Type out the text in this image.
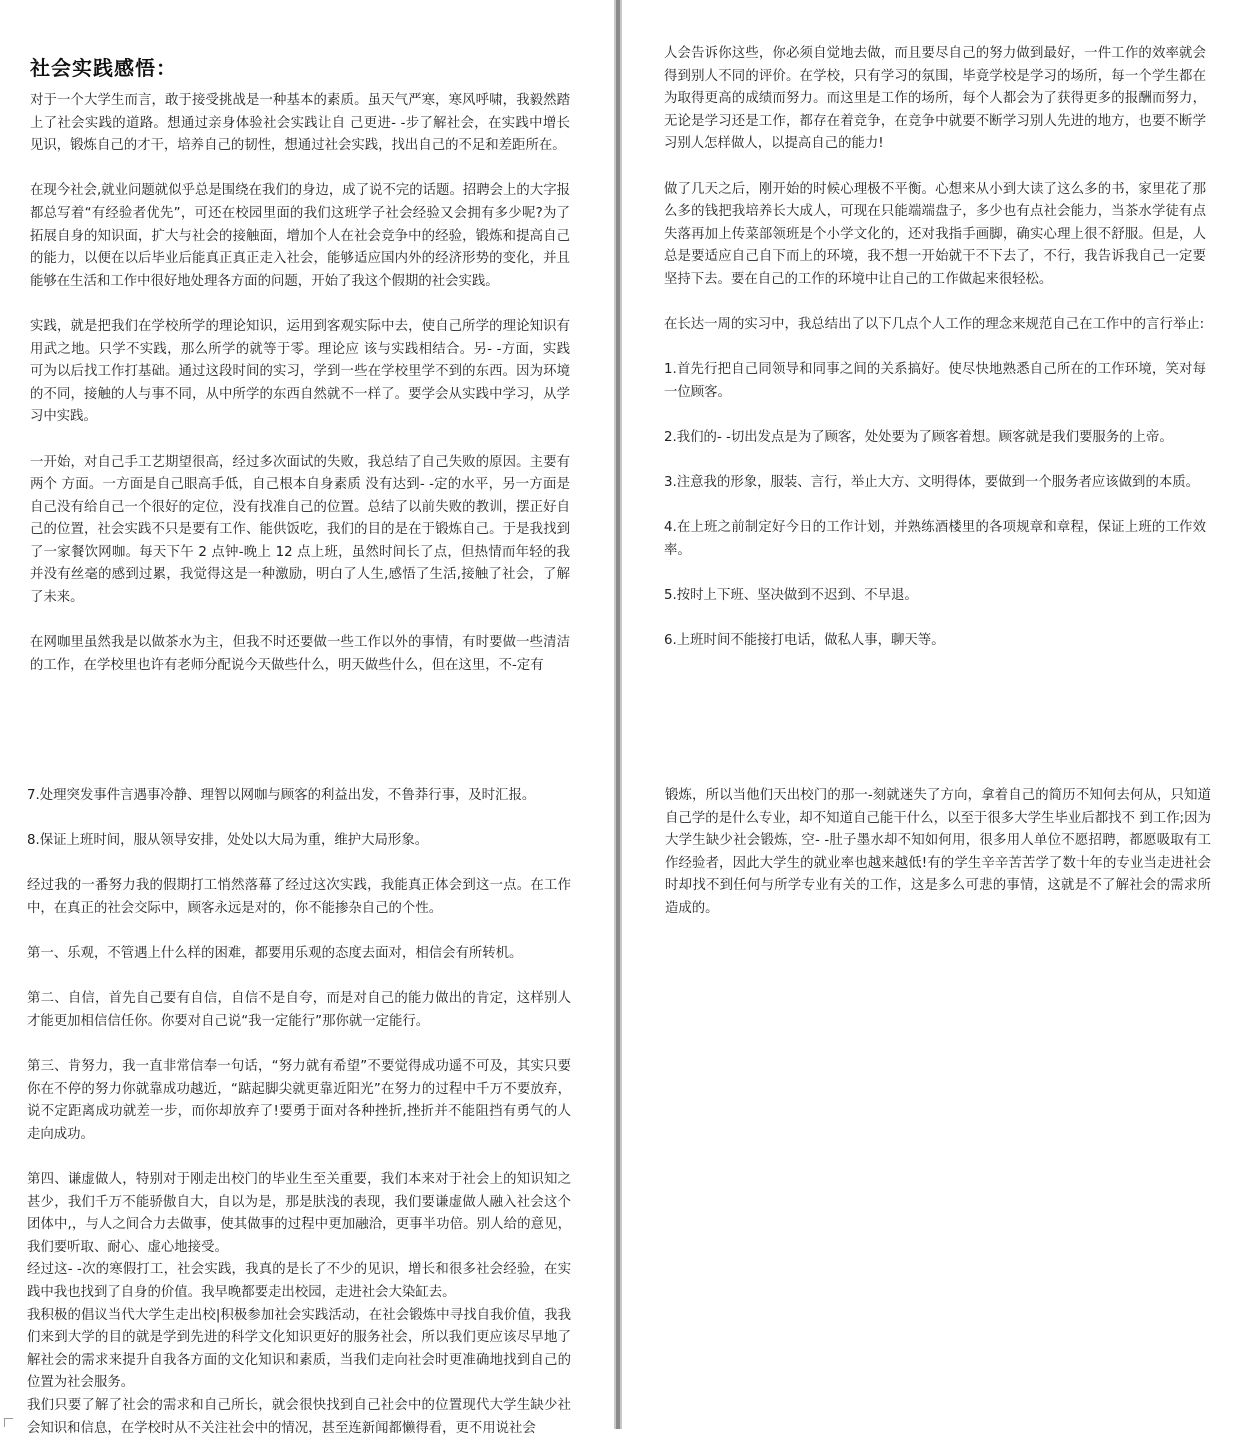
社会实践感悟：

对于一个大学生而言，敢于接受挑战是一种基本的素质。虽天气严寒，寒风呼啸，我毅然踏上了社会实践的道路。想通过亲身体验社会实践让自 己更进- -步了解社会，在实践中增长见识，锻炼自己的才干，培养自己的韧性，想通过社会实践，找出自己的不足和差距所在。

在现今社会,就业问题就似乎总是围绕在我们的身边，成了说不完的话题。招聘会上的大字报都总写着“有经验者优先”，可还在校园里面的我们这班学子社会经验又会拥有多少呢?为了拓展自身的知识面，扩大与社会的接触面，增加个人在社会竞争中的经验，锻炼和提高自己的能力，以便在以后毕业后能真正真正走入社会，能够适应国内外的经济形势的变化，并且能够在生活和工作中很好地处理各方面的问题，开始了我这个假期的社会实践。

实践，就是把我们在学校所学的理论知识，运用到客观实际中去，使自己所学的理论知识有用武之地。只学不实践，那么所学的就等于零。理论应 该与实践相结合。另- -方面，实践可为以后找工作打基础。通过这段时间的实习，学到一些在学校里学不到的东西。因为环境的不同，接触的人与事不同，从中所学的东西自然就不一样了。要学会从实践中学习，从学习中实践。

一开始，对自己手工艺期望很高，经过多次面试的失败，我总结了自己失败的原因。主要有两个 方面。一方面是自己眼高手低，自己根本自身素质 没有达到- -定的水平，另一方面是自己没有给自己一个很好的定位，没有找准自己的位置。总结了以前失败的教训，摆正好自己的位置，社会实践不只是要有工作、能供饭吃，我们的目的是在于锻炼自己。于是我找到了一家餐饮网咖。每天下午 2 点钟-晚上 12 点上班，虽然时间长了点，但热情而年轻的我并没有丝毫的感到过累，我觉得这是一种激励，明白了人生,感悟了生活,接触了社会，了解了未来。

在网咖里虽然我是以做茶水为主，但我不时还要做一些工作以外的事情，有时要做一些清洁的工作，在学校里也许有老师分配说今天做些什么，明天做些什么，但在这里，不-定有

人会告诉你这些，你必须自觉地去做，而且要尽自己的努力做到最好，一件工作的效率就会得到别人不同的评价。在学校，只有学习的氛围，毕竟学校是学习的场所，每一个学生都在为取得更高的成绩而努力。而这里是工作的场所，每个人都会为了获得更多的报酬而努力，无论是学习还是工作，都存在着竞争，在竞争中就要不断学习别人先进的地方，也要不断学习别人怎样做人，以提高自己的能力!

做了几天之后，刚开始的时候心理极不平衡。心想来从小到大读了这么多的书，家里花了那么多的钱把我培养长大成人，可现在只能端端盘子，多少也有点社会能力，当茶水学徒有点失落再加上传菜部领班是个小学文化的，还对我指手画脚，确实心理上很不舒服。但是，人总是要适应自己自下而上的环境，我不想一开始就干不下去了，不行，我告诉我自己一定要坚持下去。要在自己的工作的环境中让自己的工作做起来很轻松。

在长达一周的实习中，我总结出了以下几点个人工作的理念来规范自己在工作中的言行举止:

1.首先行把自己同领导和同事之间的关系搞好。使尽快地熟悉自己所在的工作环境，笑对每一位顾客。

2.我们的- -切出发点是为了顾客，处处要为了顾客着想。顾客就是我们要服务的上帝。

3.注意我的形象，服装、言行，举止大方、文明得体，要做到一个服务者应该做到的本质。

4.在上班之前制定好今日的工作计划，并熟练酒楼里的各项规章和章程，保证上班的工作效率。

5.按时上下班、坚决做到不迟到、不早退。

6.上班时间不能接打电话，做私人事，聊天等。

7.处理突发事件言遇事冷静、理智以网咖与顾客的利益出发，不鲁莽行事，及时汇报。

8.保证上班时间，服从领导安排，处处以大局为重，维护大局形象。

经过我的一番努力我的假期打工悄然落幕了经过这次实践，我能真正体会到这一点。在工作中，在真正的社会交际中，顾客永远是对的，你不能掺杂自己的个性。

第一、乐观，不管遇上什么样的困难，都要用乐观的态度去面对，相信会有所转机。

第二、自信，首先自己要有自信，自信不是自夸，而是对自己的能力做出的肯定，这样别人才能更加相信信任你。你要对自己说“我一定能行”那你就一定能行。

第三、肯努力，我一直非常信奉一句话，“努力就有希望”不要觉得成功遥不可及，其实只要你在不停的努力你就靠成功越近，“踮起脚尖就更靠近阳光”在努力的过程中千万不要放弃，说不定距离成功就差一步，而你却放弃了!要勇于面对各种挫折,挫折并不能阻挡有勇气的人走向成功。

第四、谦虚做人，特别对于刚走出校门的毕业生至关重要，我们本来对于社会上的知识知之甚少，我们千万不能骄傲自大，自以为是，那是肤浅的表现，我们要谦虚做人融入社会这个团体中,，与人之间合力去做事，使其做事的过程中更加融洽，更事半功倍。别人给的意见，我们要听取、耐心、虚心地接受。

经过这- -次的寒假打工，社会实践，我真的是长了不少的见识，增长和很多社会经验，在实践中我也找到了自身的价值。我早晚都要走出校园，走进社会大染缸去。

我积极的倡议当代大学生走出校|积极参加社会实践活动，在社会锻炼中寻找自我价值，我我们来到大学的目的就是学到先进的科学文化知识更好的服务社会，所以我们更应该尽早地了解社会的需求来提升自我各方面的文化知识和素质，当我们走向社会时更准确地找到自己的位置为社会服务。

我们只要了解了社会的需求和自己所长，就会很快找到自己社会中的位置现代大学生缺少社会知识和信息，在学校时从不关注社会中的情况，甚至连新闻都懒得看，更不用说社会

锻炼，所以当他们天出校门的那一-刻就迷失了方向，拿着自己的简历不知何去何从，只知道自己学的是什么专业，却不知道自己能干什么，以至于很多大学生毕业后都找不 到工作;因为大学生缺少社会锻炼，空- -肚子墨水却不知如何用，很多用人单位不愿招聘，都愿吸取有工作经验者，因此大学生的就业率也越来越低!有的学生辛辛苦苦学了数十年的专业当走进社会时却找不到任何与所学专业有关的工作，这是多么可悲的事情，这就是不了解社会的需求所造成的。
